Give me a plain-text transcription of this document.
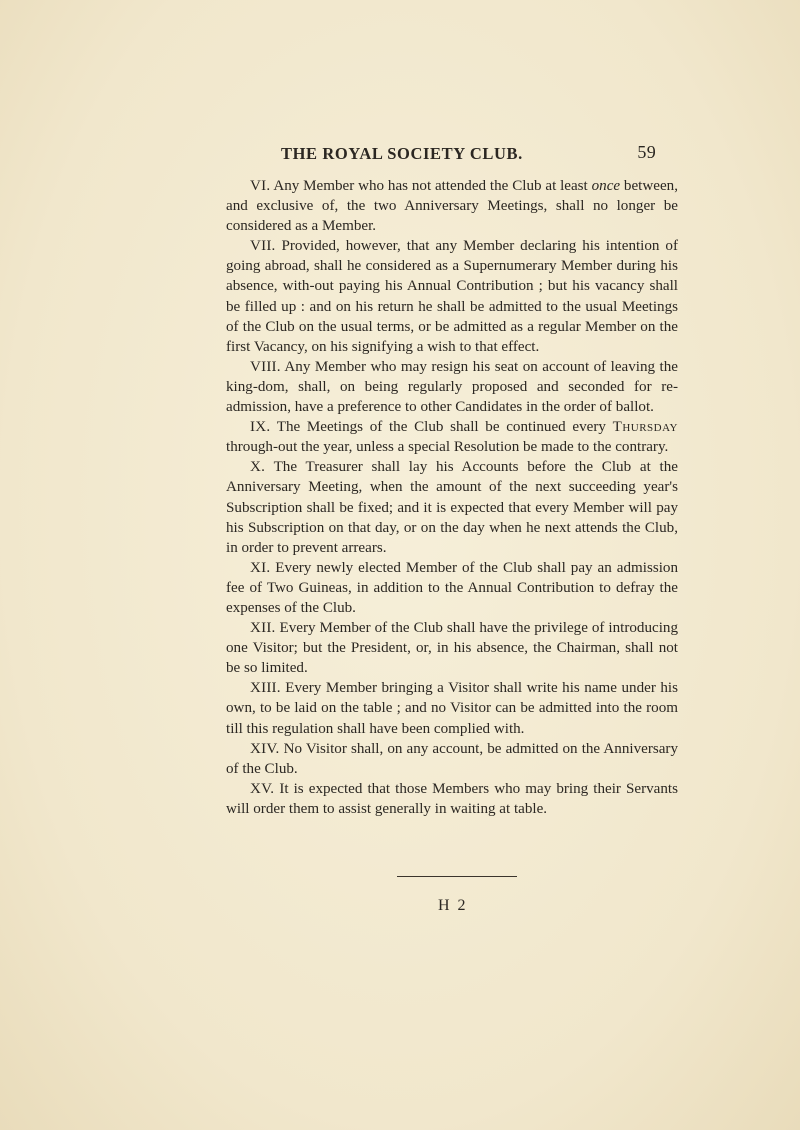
THE ROYAL SOCIETY CLUB.	59

VI. Any Member who has not attended the Club at least once between, and exclusive of, the two Anniversary Meetings, shall no longer be considered as a Member.

VII. Provided, however, that any Member declaring his intention of going abroad, shall he considered as a Supernumerary Member during his absence, with-out paying his Annual Contribution ; but his vacancy shall be filled up : and on his return he shall be admitted to the usual Meetings of the Club on the usual terms, or be admitted as a regular Member on the first Vacancy, on his signifying a wish to that effect.

VIII. Any Member who may resign his seat on account of leaving the king-dom, shall, on being regularly proposed and seconded for re-admission, have a preference to other Candidates in the order of ballot.

IX. The Meetings of the Club shall be continued every Thursday through-out the year, unless a special Resolution be made to the contrary.

X. The Treasurer shall lay his Accounts before the Club at the Anniversary Meeting, when the amount of the next succeeding year's Subscription shall be fixed; and it is expected that every Member will pay his Subscription on that day, or on the day when he next attends the Club, in order to prevent arrears.

XI. Every newly elected Member of the Club shall pay an admission fee of Two Guineas, in addition to the Annual Contribution to defray the expenses of the Club.

XII. Every Member of the Club shall have the privilege of introducing one Visitor; but the President, or, in his absence, the Chairman, shall not be so limited.

XIII. Every Member bringing a Visitor shall write his name under his own, to be laid on the table ; and no Visitor can be admitted into the room till this regulation shall have been complied with.

XIV. No Visitor shall, on any account, be admitted on the Anniversary of the Club.

XV. It is expected that those Members who may bring their Servants will order them to assist generally in waiting at table.

H 2
